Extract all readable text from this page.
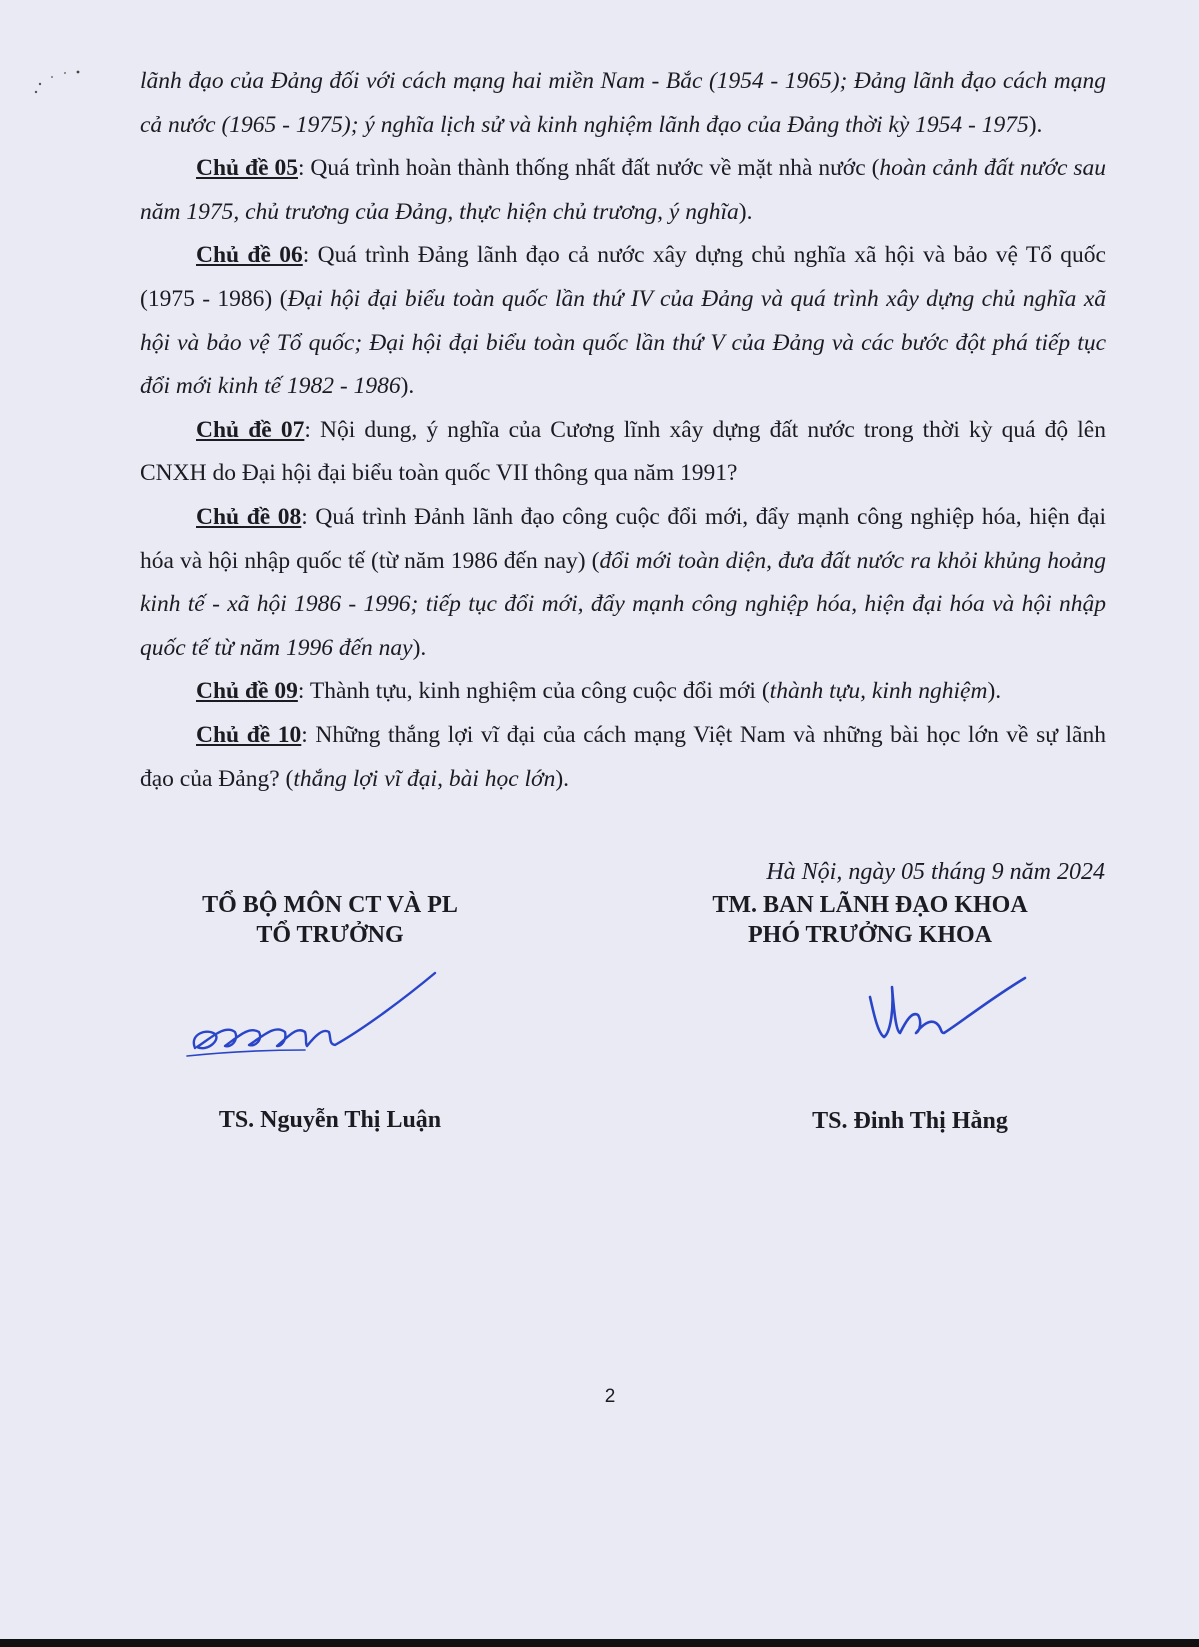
lãnh đạo của Đảng đối với cách mạng hai miền Nam - Bắc (1954 - 1965); Đảng lãnh đạo cách mạng cả nước (1965 - 1975); ý nghĩa lịch sử và kinh nghiệm lãnh đạo của Đảng thời kỳ 1954 - 1975).

Chủ đề 05: Quá trình hoàn thành thống nhất đất nước về mặt nhà nước (hoàn cảnh đất nước sau năm 1975, chủ trương của Đảng, thực hiện chủ trương, ý nghĩa).

Chủ đề 06: Quá trình Đảng lãnh đạo cả nước xây dựng chủ nghĩa xã hội và bảo vệ Tổ quốc (1975 - 1986) (Đại hội đại biểu toàn quốc lần thứ IV của Đảng và quá trình xây dựng chủ nghĩa xã hội và bảo vệ Tổ quốc; Đại hội đại biểu toàn quốc lần thứ V của Đảng và các bước đột phá tiếp tục đổi mới kinh tế 1982 - 1986).

Chủ đề 07: Nội dung, ý nghĩa của Cương lĩnh xây dựng đất nước trong thời kỳ quá độ lên CNXH do Đại hội đại biểu toàn quốc VII thông qua năm 1991?

Chủ đề 08: Quá trình Đảnh lãnh đạo công cuộc đổi mới, đẩy mạnh công nghiệp hóa, hiện đại hóa và hội nhập quốc tế (từ năm 1986 đến nay) (đổi mới toàn diện, đưa đất nước ra khỏi khủng hoảng kinh tế - xã hội 1986 - 1996; tiếp tục đổi mới, đẩy mạnh công nghiệp hóa, hiện đại hóa và hội nhập quốc tế từ năm 1996 đến nay).

Chủ đề 09: Thành tựu, kinh nghiệm của công cuộc đổi mới (thành tựu, kinh nghiệm).

Chủ đề 10: Những thắng lợi vĩ đại của cách mạng Việt Nam và những bài học lớn về sự lãnh đạo của Đảng? (thắng lợi vĩ đại, bài học lớn).

Hà Nội, ngày 05 tháng 9 năm 2024
TỔ BỘ MÔN CT VÀ PL
TỔ TRƯỞNG
TM. BAN LÃNH ĐẠO KHOA
PHÓ TRƯỞNG KHOA
TS. Nguyễn Thị Luận	TS. Đinh Thị Hằng
2
